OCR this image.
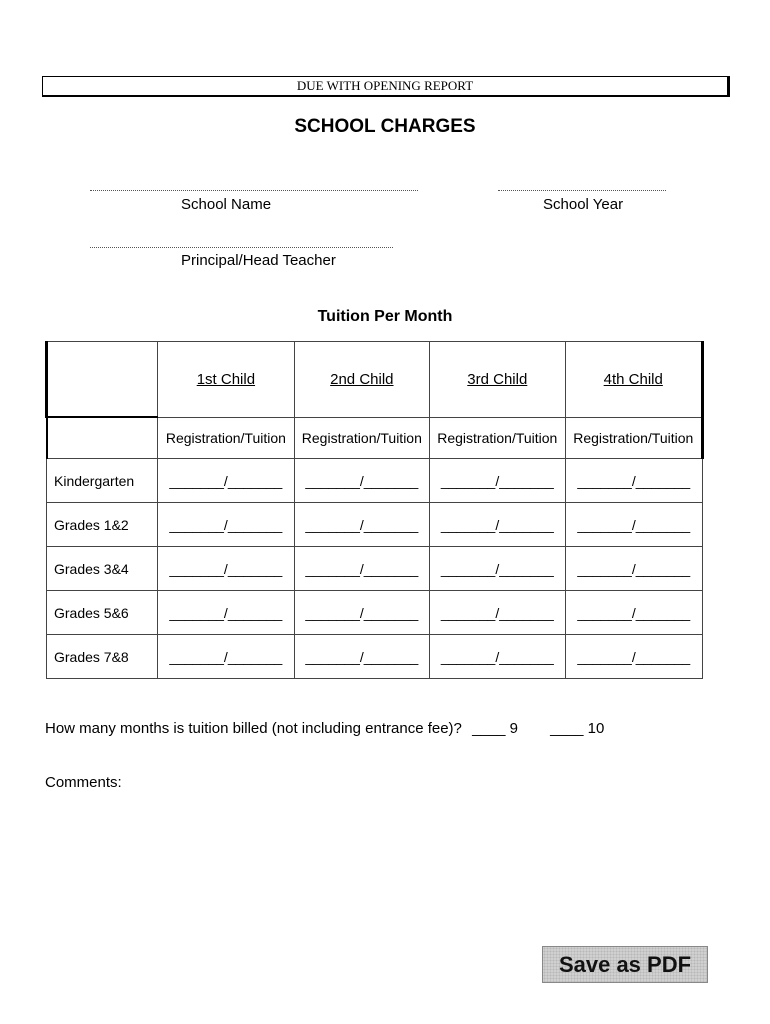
DUE WITH OPENING REPORT
SCHOOL CHARGES
School Name	School Year
Principal/Head Teacher
Tuition Per Month
	1st Child	2nd Child	3rd Child	4th Child
	Registration/Tuition	Registration/Tuition	Registration/Tuition	Registration/Tuition
Kindergarten	_______/_______	_______/_______	_______/_______	_______/_______
Grades 1&2	_______/_______	_______/_______	_______/_______	_______/_______
Grades 3&4	_______/_______	_______/_______	_______/_______	_______/_______
Grades 5&6	_______/_______	_______/_______	_______/_______	_______/_______
Grades 7&8	_______/_______	_______/_______	_______/_______	_______/_______
How many months is tuition billed (not including entrance fee)? ____ 9 ____ 10
Comments:
Save as PDF
